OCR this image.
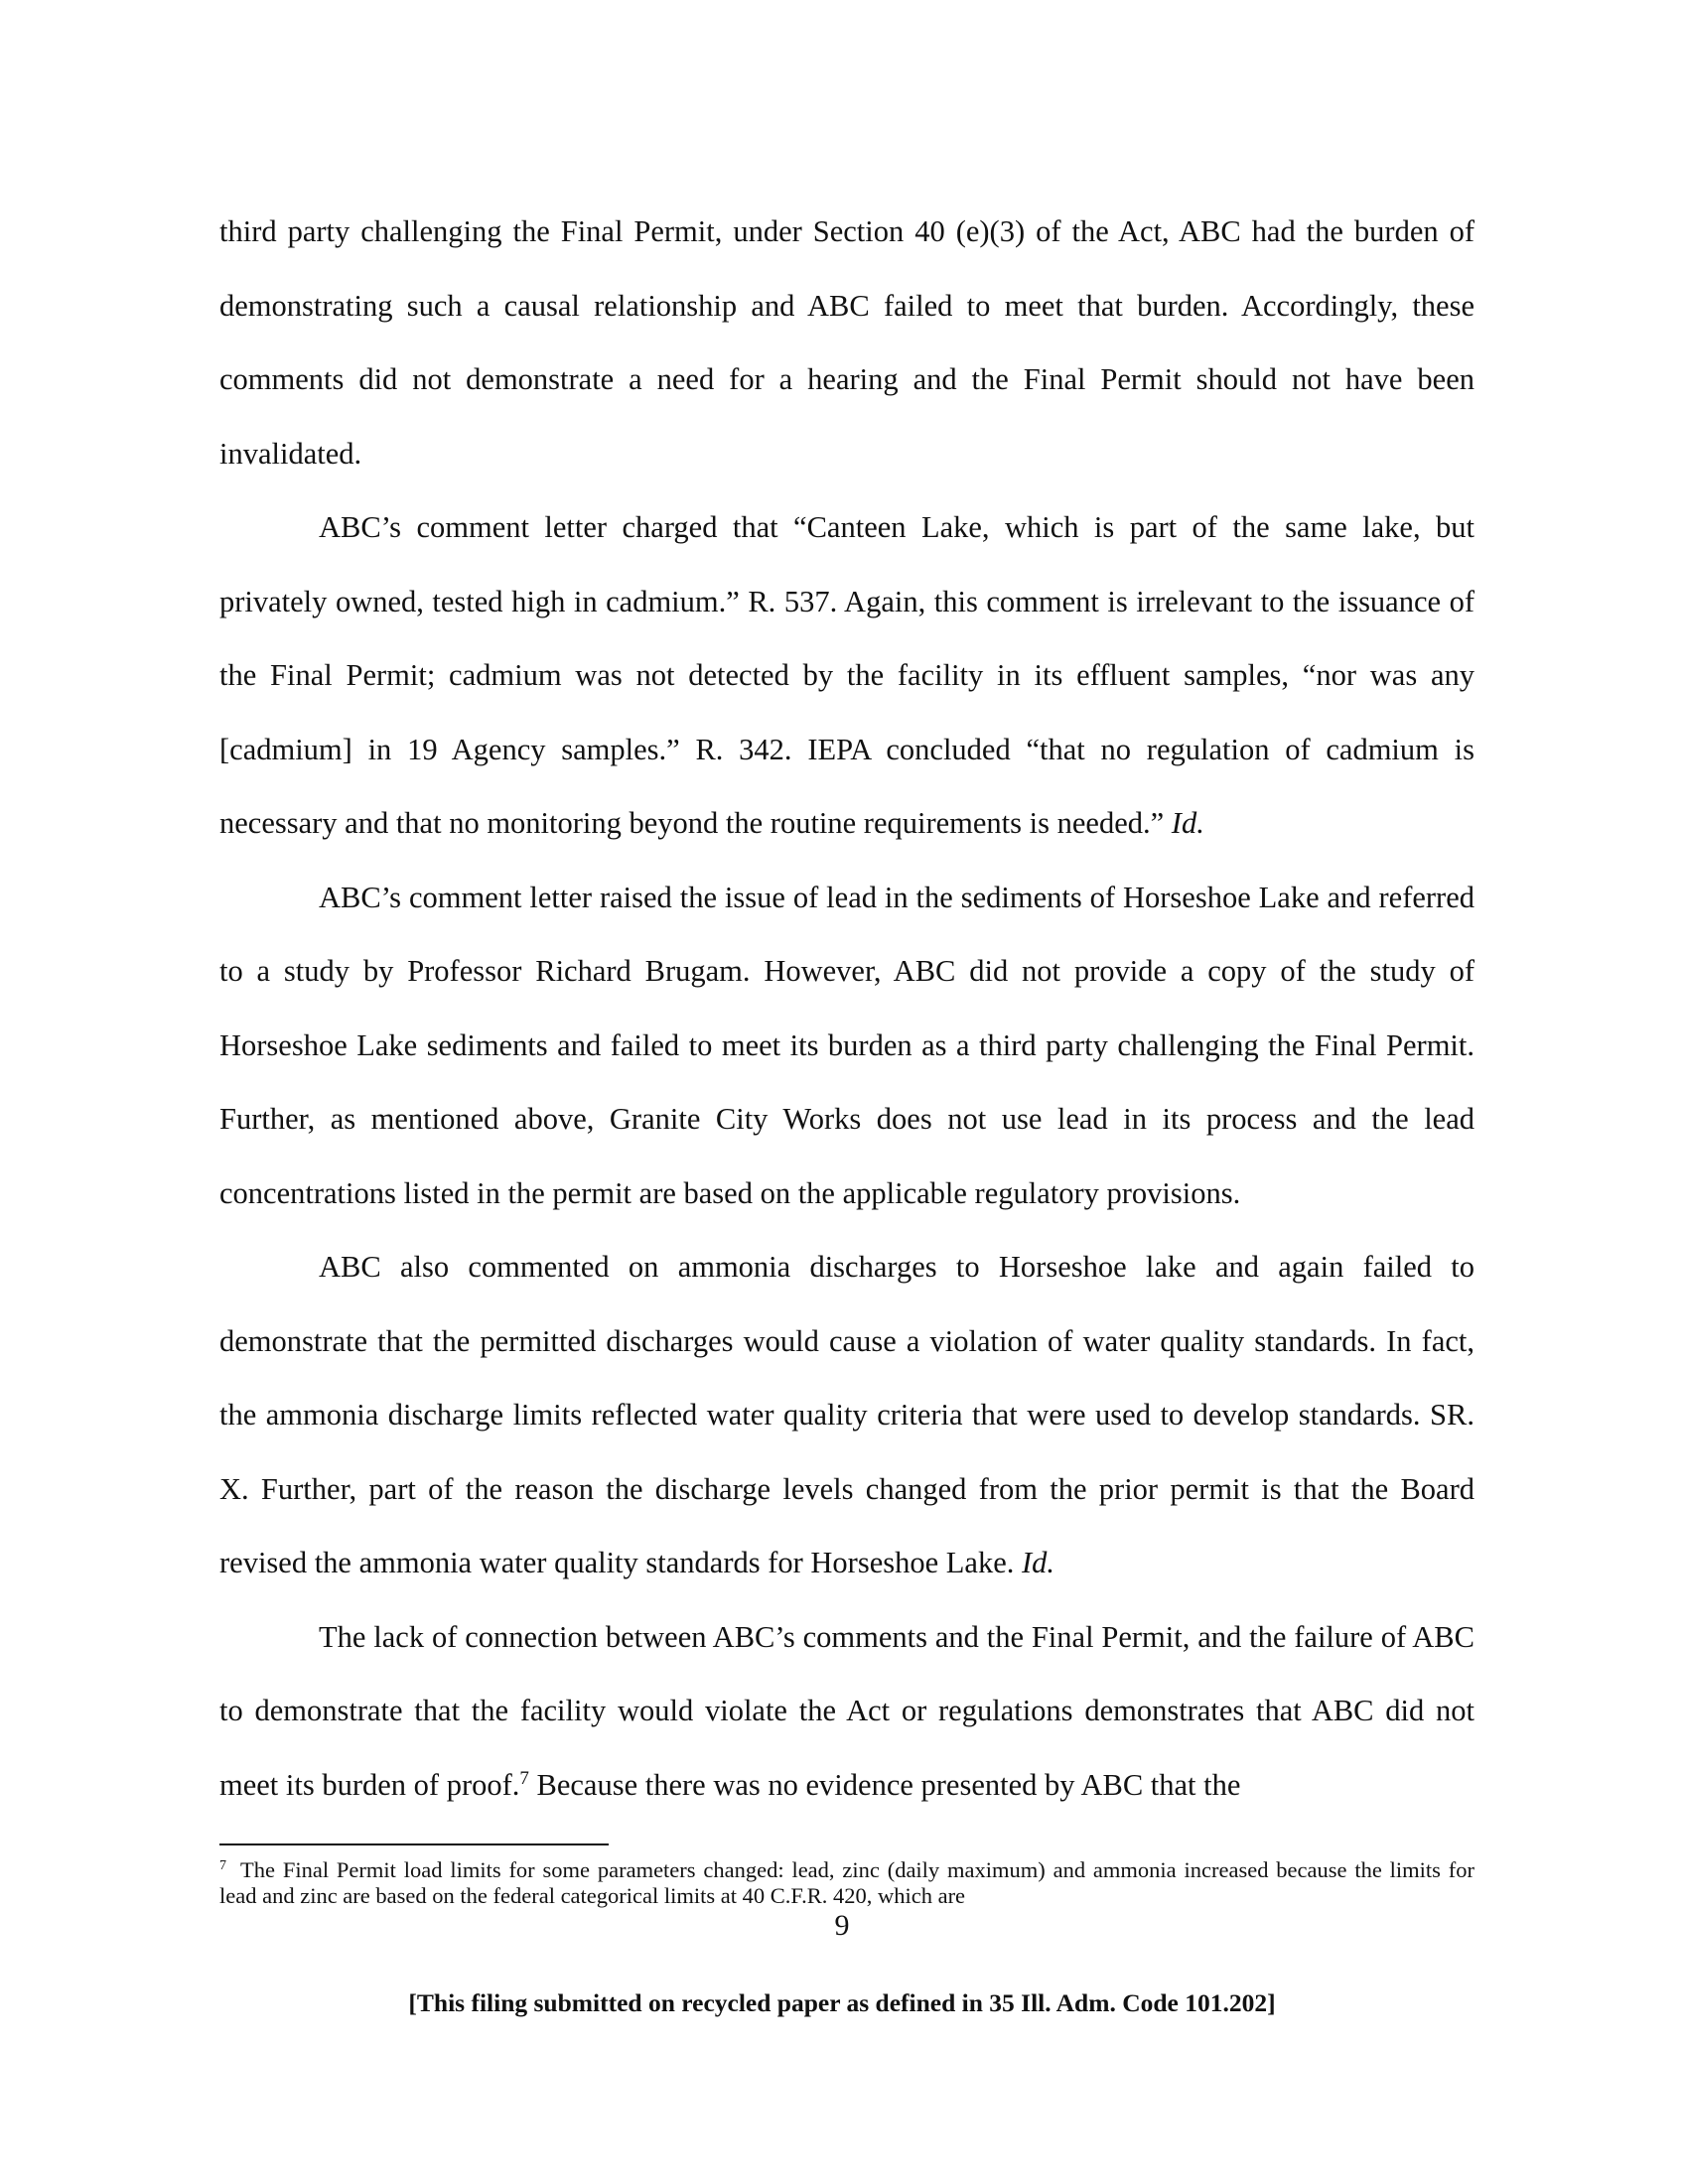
third party challenging the Final Permit, under Section 40 (e)(3) of the Act, ABC had the burden of demonstrating such a causal relationship and ABC failed to meet that burden. Accordingly, these comments did not demonstrate a need for a hearing and the Final Permit should not have been invalidated.

ABC’s comment letter charged that “Canteen Lake, which is part of the same lake, but privately owned, tested high in cadmium.” R. 537. Again, this comment is irrelevant to the issuance of the Final Permit; cadmium was not detected by the facility in its effluent samples, “nor was any [cadmium] in 19 Agency samples.” R. 342. IEPA concluded “that no regulation of cadmium is necessary and that no monitoring beyond the routine requirements is needed.” Id.

ABC’s comment letter raised the issue of lead in the sediments of Horseshoe Lake and referred to a study by Professor Richard Brugam. However, ABC did not provide a copy of the study of Horseshoe Lake sediments and failed to meet its burden as a third party challenging the Final Permit. Further, as mentioned above, Granite City Works does not use lead in its process and the lead concentrations listed in the permit are based on the applicable regulatory provisions.

ABC also commented on ammonia discharges to Horseshoe lake and again failed to demonstrate that the permitted discharges would cause a violation of water quality standards. In fact, the ammonia discharge limits reflected water quality criteria that were used to develop standards. SR. X. Further, part of the reason the discharge levels changed from the prior permit is that the Board revised the ammonia water quality standards for Horseshoe Lake. Id.

The lack of connection between ABC’s comments and the Final Permit, and the failure of ABC to demonstrate that the facility would violate the Act or regulations demonstrates that ABC did not meet its burden of proof.$^7$ Because there was no evidence presented by ABC that the

$^7$ The Final Permit load limits for some parameters changed: lead, zinc (daily maximum) and ammonia increased because the limits for lead and zinc are based on the federal categorical limits at 40 C.F.R. 420, which are

9
[This filing submitted on recycled paper as defined in 35 Ill. Adm. Code 101.202]
